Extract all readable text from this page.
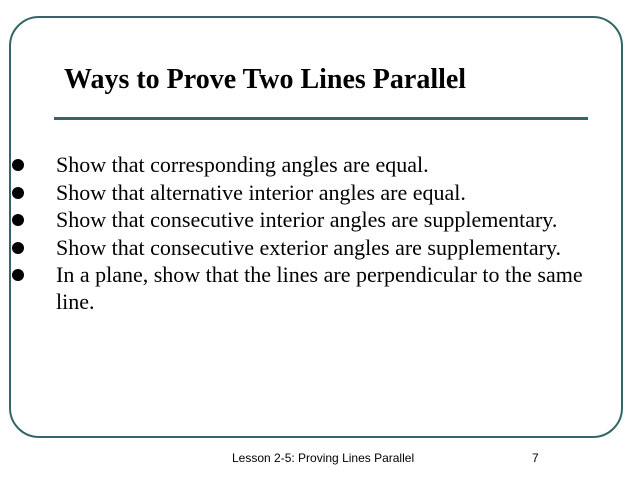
Ways to Prove Two Lines Parallel
Show that corresponding angles are equal.
Show that alternative interior angles are equal.
Show that consecutive interior angles are supplementary.
Show that consecutive exterior angles are supplementary.
In a plane, show that the lines are perpendicular to the same line.
Lesson 2-5: Proving Lines Parallel	7
